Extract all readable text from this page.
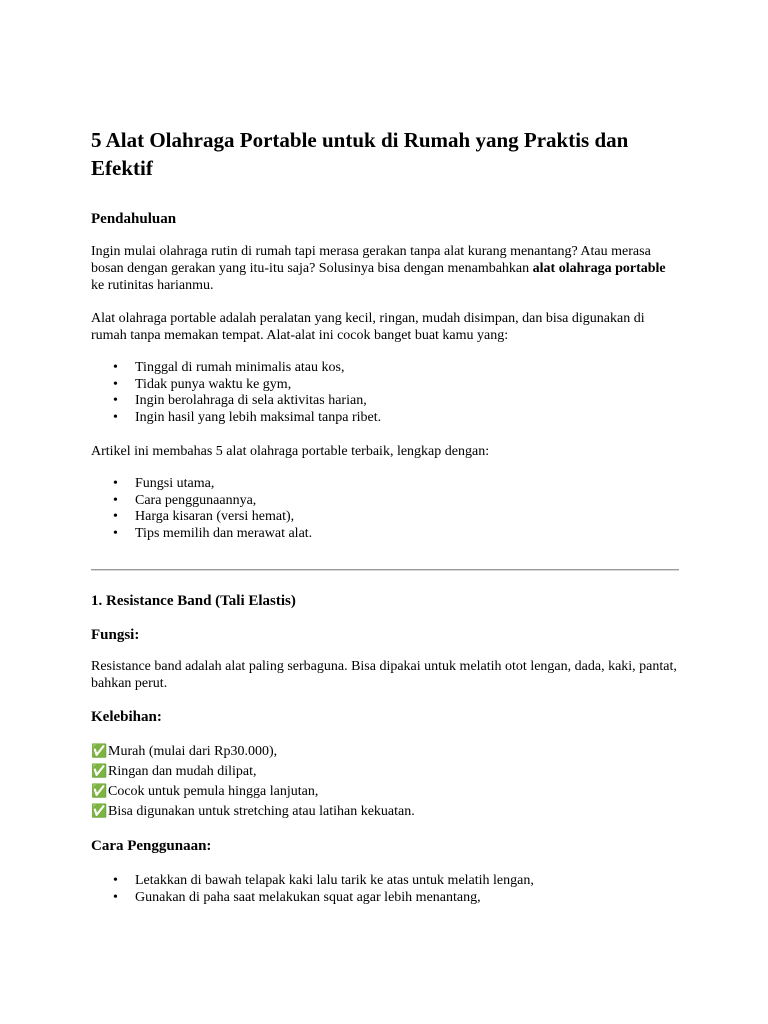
5 Alat Olahraga Portable untuk di Rumah yang Praktis dan Efektif
Pendahuluan

Ingin mulai olahraga rutin di rumah tapi merasa gerakan tanpa alat kurang menantang? Atau merasa bosan dengan gerakan yang itu-itu saja? Solusinya bisa dengan menambahkan alat olahraga portable ke rutinitas harianmu.

Alat olahraga portable adalah peralatan yang kecil, ringan, mudah disimpan, dan bisa digunakan di rumah tanpa memakan tempat. Alat-alat ini cocok banget buat kamu yang:

• Tinggal di rumah minimalis atau kos,
• Tidak punya waktu ke gym,
• Ingin berolahraga di sela aktivitas harian,
• Ingin hasil yang lebih maksimal tanpa ribet.

Artikel ini membahas 5 alat olahraga portable terbaik, lengkap dengan:

• Fungsi utama,
• Cara penggunaannya,
• Harga kisaran (versi hemat),
• Tips memilih dan merawat alat.
1. Resistance Band (Tali Elastis)
Fungsi:

Resistance band adalah alat paling serbaguna. Bisa dipakai untuk melatih otot lengan, dada, kaki, pantat, bahkan perut.

Kelebihan:
✅ Murah (mulai dari Rp30.000),
✅ Ringan dan mudah dilipat,
✅ Cocok untuk pemula hingga lanjutan,
✅ Bisa digunakan untuk stretching atau latihan kekuatan.
Cara Penggunaan:
• Letakkan di bawah telapak kaki lalu tarik ke atas untuk melatih lengan,
• Gunakan di paha saat melakukan squat agar lebih menantang,
